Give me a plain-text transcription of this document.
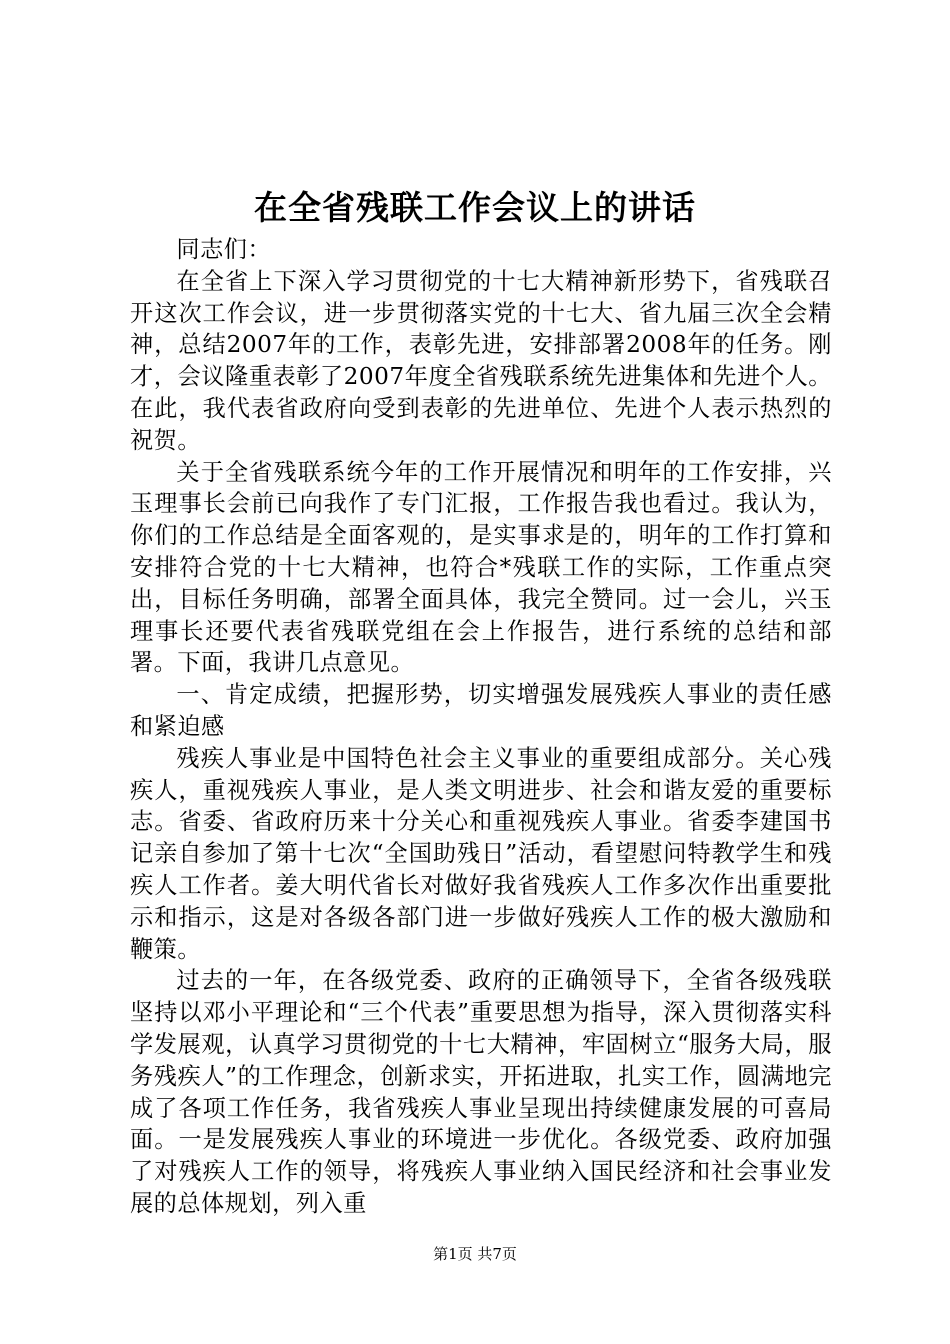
在全省残联工作会议上的讲话

同志们：

在全省上下深入学习贯彻党的十七大精神新形势下，省残联召开这次工作会议，进一步贯彻落实党的十七大、省九届三次全会精神，总结2007年的工作，表彰先进，安排部署2008年的任务。刚才，会议隆重表彰了2007年度全省残联系统先进集体和先进个人。在此，我代表省政府向受到表彰的先进单位、先进个人表示热烈的祝贺。

关于全省残联系统今年的工作开展情况和明年的工作安排，兴玉理事长会前已向我作了专门汇报，工作报告我也看过。我认为，你们的工作总结是全面客观的，是实事求是的，明年的工作打算和安排符合党的十七大精神，也符合*残联工作的实际，工作重点突出，目标任务明确，部署全面具体，我完全赞同。过一会儿，兴玉理事长还要代表省残联党组在会上作报告，进行系统的总结和部署。下面，我讲几点意见。

一、肯定成绩，把握形势，切实增强发展残疾人事业的责任感和紧迫感

残疾人事业是中国特色社会主义事业的重要组成部分。关心残疾人，重视残疾人事业，是人类文明进步、社会和谐友爱的重要标志。省委、省政府历来十分关心和重视残疾人事业。省委李建国书记亲自参加了第十七次“全国助残日”活动，看望慰问特教学生和残疾人工作者。姜大明代省长对做好我省残疾人工作多次作出重要批示和指示，这是对各级各部门进一步做好残疾人工作的极大激励和鞭策。

过去的一年，在各级党委、政府的正确领导下，全省各级残联坚持以邓小平理论和“三个代表”重要思想为指导，深入贯彻落实科学发展观，认真学习贯彻党的十七大精神，牢固树立“服务大局，服务残疾人”的工作理念，创新求实，开拓进取，扎实工作，圆满地完成了各项工作任务，我省残疾人事业呈现出持续健康发展的可喜局面。一是发展残疾人事业的环境进一步优化。各级党委、政府加强了对残疾人工作的领导，将残疾人事业纳入国民经济和社会事业发展的总体规划，列入重

第1页 共7页
